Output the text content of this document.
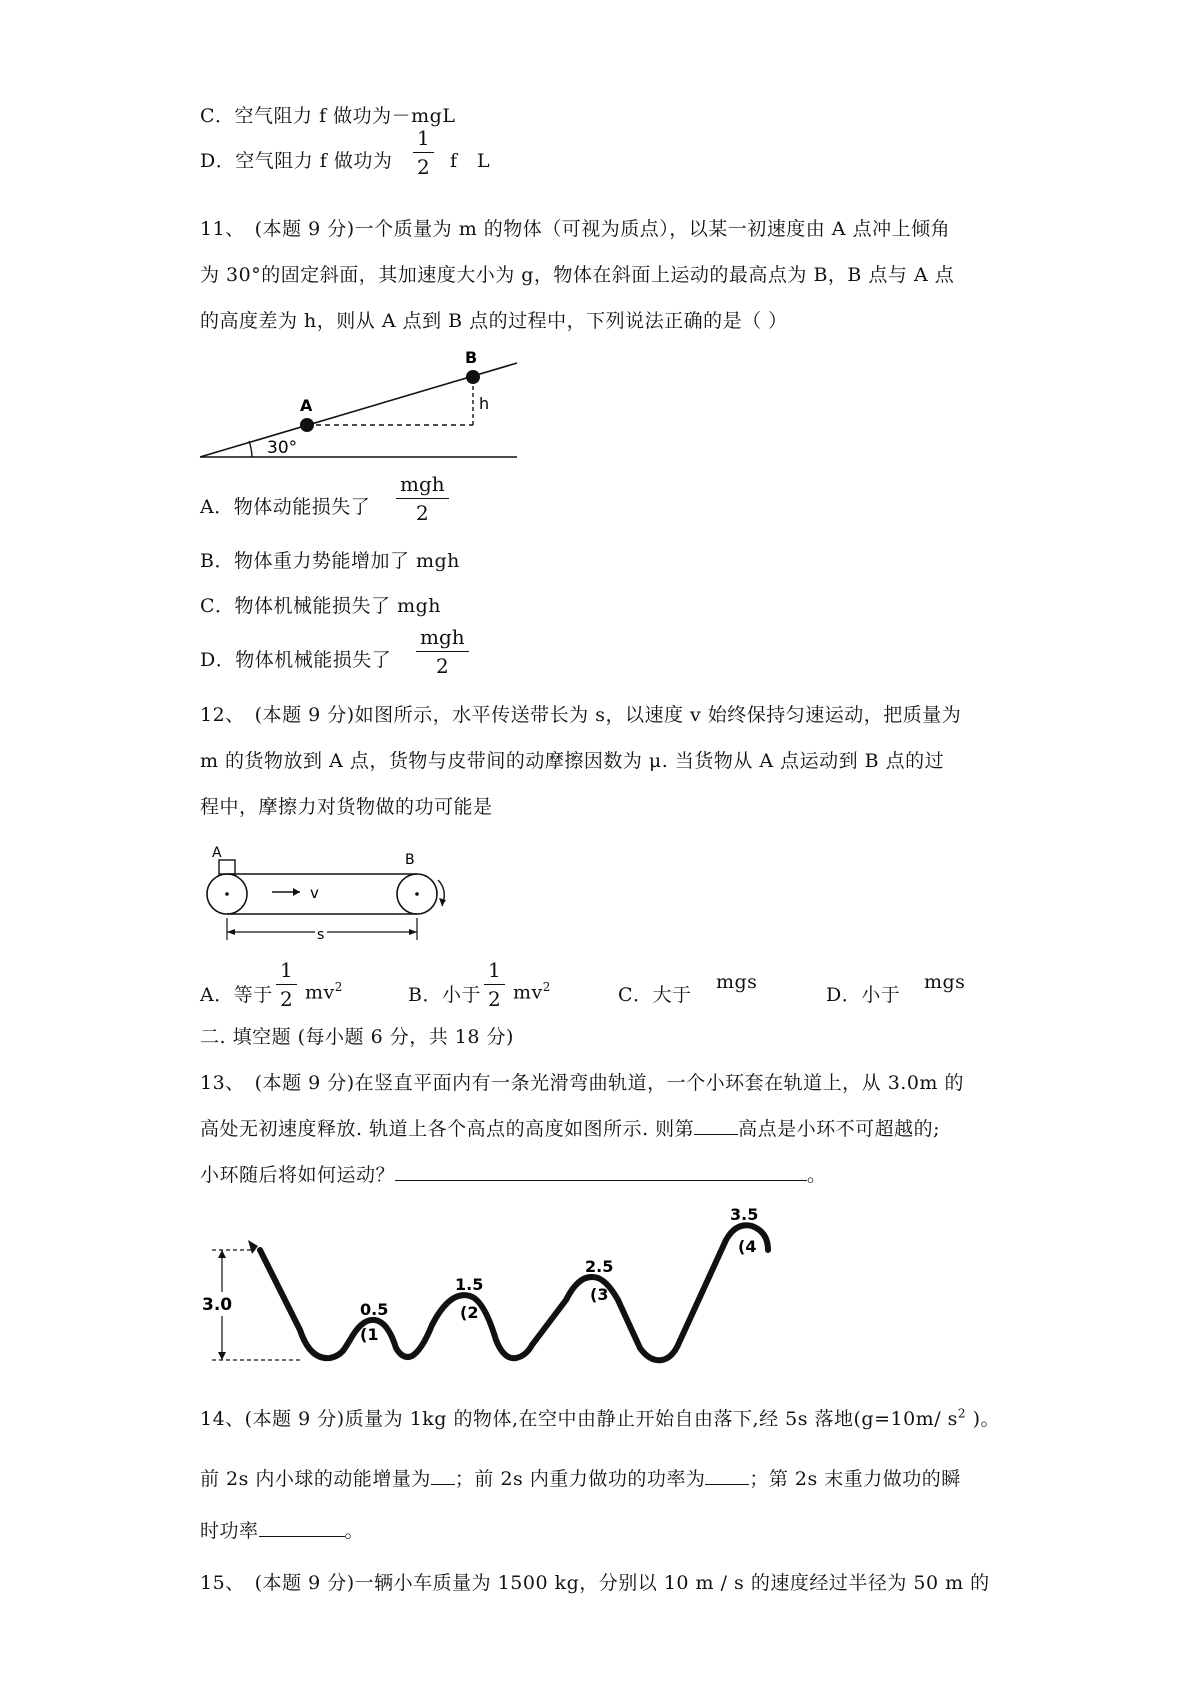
C．空气阻力 f 做功为－mgL
D．空气阻力 f 做功为 $\frac{1}{2}$ f　L
11、　(本题 9 分)一个质量为 m 的物体（可视为质点），以某一初速度由 A 点冲上倾角
为 30°的固定斜面，其加速度大小为 g，物体在斜面上运动的最高点为 B，B 点与 A 点
的高度差为 h，则从 A 点到 B 点的过程中，下列说法正确的是（ ）
A
B
h
30°
A．物体动能损失了
mgh
2
B．物体重力势能增加了 mgh
C．物体机械能损失了 mgh
D．物体机械能损失了
mgh
2
12、　(本题 9 分)如图所示，水平传送带长为 s，以速度 v 始终保持匀速运动，把质量为
m 的货物放到 A 点，货物与皮带间的动摩擦因数为 μ. 当货物从 A 点运动到 B 点的过
程中，摩擦力对货物做的功可能是
v
A	B
s
A．等于 $\frac{1}{2} mv^2$	B．小于 $\frac{1}{2} mv^2$	C．大于
mgs
D．小于
mgs
二. 填空题 (每小题 6 分，共 18 分)
13、　(本题 9 分)在竖直平面内有一条光滑弯曲轨道，一个小环套在轨道上，从 3.0m 的
高处无初速度释放. 轨道上各个高点的高度如图所示. 则第 高点是小环不可超越的;
小环随后将如何运动？	。
3.0	0.5
(1
1.5
(2
2.5
(3
3.5
(4
14、(本题 9 分)质量为 1kg 的物体,在空中由静止开始自由落下,经 5s 落地(g=10m/ $s^2$ )。
前 2s 内小球的动能增量为 ；前 2s 内重力做功的功率为 ；第 2s 末重力做功的瞬
时功率	。
15、　(本题 9 分)一辆小车质量为 1500 kg，分别以 10 m / s 的速度经过半径为 50 m 的
